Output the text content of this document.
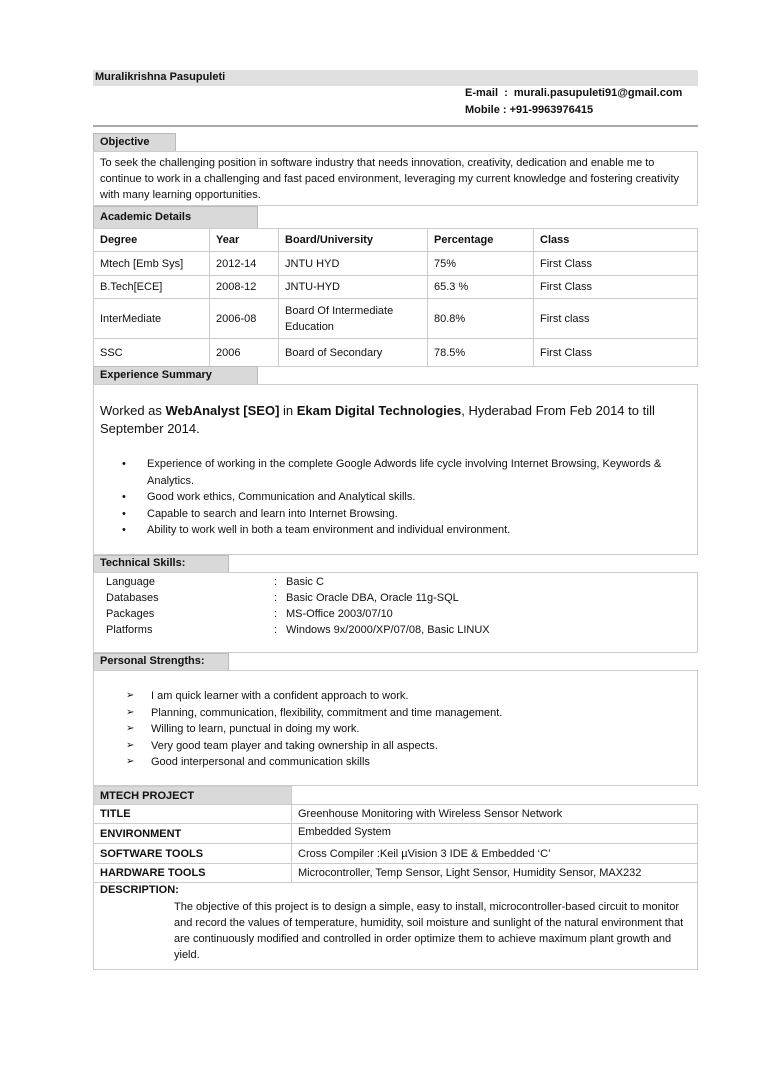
Muralikrishna Pasupuleti
E-mail  :  murali.pasupuleti91@gmail.com
Mobile : +91-9963976415
Objective
To seek the challenging position in software industry that needs innovation, creativity, dedication and enable me to continue to work in a challenging and fast paced environment, leveraging my current knowledge and fostering creativity with many learning opportunities.
Academic Details
Degree	Year	Board/University	Percentage	Class
Mtech [Emb Sys]	2012-14	JNTU HYD	75%	First Class
B.Tech[ECE]	2008-12	JNTU-HYD	65.3 %	First Class
InterMediate	2006-08	Board Of Intermediate Education	80.8%	First class
SSC	2006	Board of Secondary	78.5%	First Class
Experience Summary

Worked as WebAnalyst [SEO] in Ekam Digital Technologies, Hyderabad From Feb 2014 to till September 2014.

• Experience of working in the complete Google Adwords life cycle involving Internet Browsing, Keywords & Analytics.
• Good work ethics, Communication and Analytical skills.
• Capable to search and learn into Internet Browsing.
• Ability to work well in both a team environment and individual environment.
Technical Skills:
Language	: Basic C
Databases	: Basic Oracle DBA, Oracle 11g-SQL
Packages	: MS-Office 2003/07/10
Platforms	: Windows 9x/2000/XP/07/08, Basic LINUX
Personal Strengths:
➢ I am quick learner with a confident approach to work.
➢ Planning, communication, flexibility, commitment and time management.
➢ Willing to learn, punctual in doing my work.
➢ Very good team player and taking ownership in all aspects.
➢ Good interpersonal and communication skills
MTECH PROJECT	
TITLE	Greenhouse Monitoring with Wireless Sensor Network
ENVIRONMENT	Embedded System
SOFTWARE TOOLS	Cross Compiler :Keil µVision 3 IDE & Embedded ‘C’
HARDWARE TOOLS	Microcontroller, Temp Sensor, Light Sensor, Humidity Sensor, MAX232

DESCRIPTION:
The objective of this project is to design a simple, easy to install, microcontroller-based circuit to monitor and record the values of temperature, humidity, soil moisture and sunlight of the natural environment that are continuously modified and controlled in order optimize them to achieve maximum plant growth and yield.	
